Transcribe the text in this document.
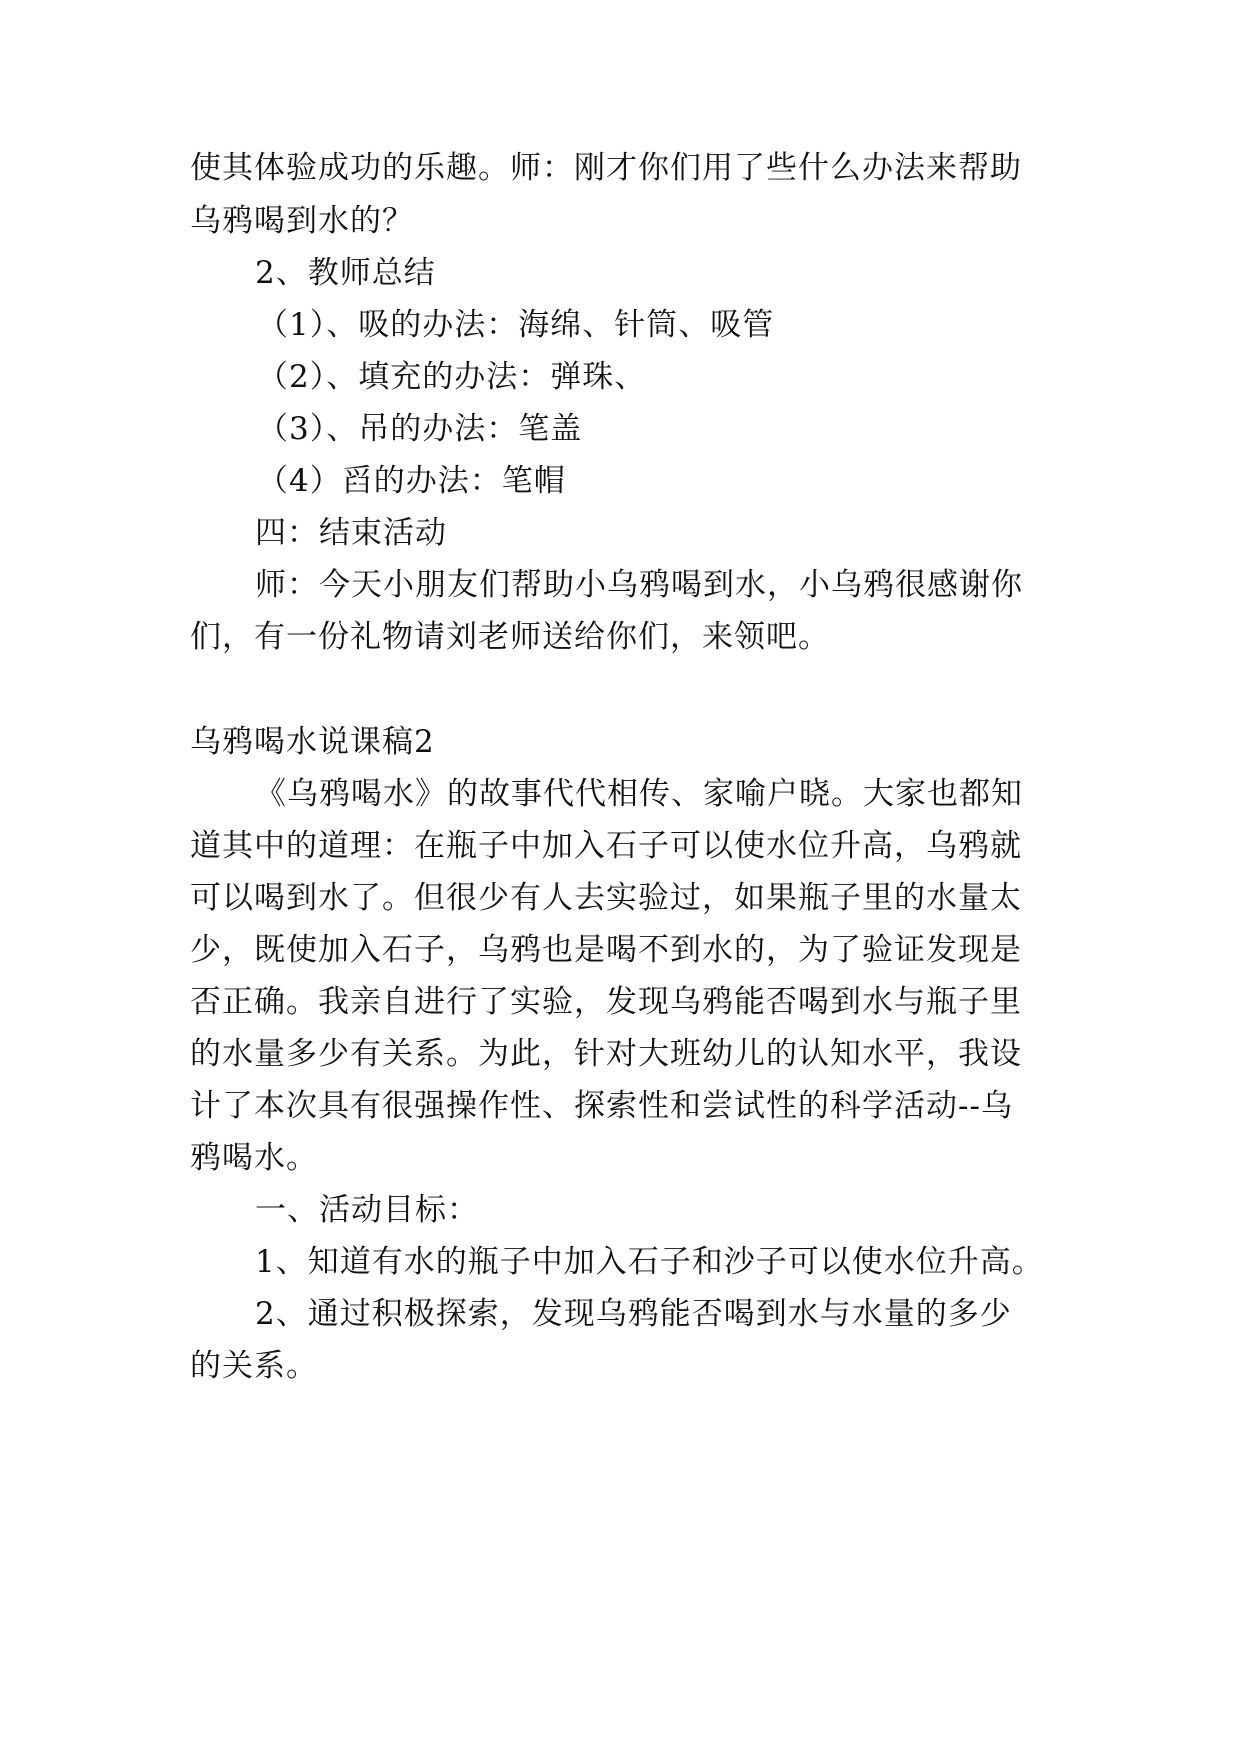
使其体验成功的乐趣。师：刚才你们用了些什么办法来帮助
乌鸦喝到水的？
2、教师总结
（1）、吸的办法：海绵、针筒、吸管
（2）、填充的办法：弹珠、
（3）、吊的办法：笔盖
（4）舀的办法：笔帽
四：结束活动
师：今天小朋友们帮助小乌鸦喝到水，小乌鸦很感谢你
们，有一份礼物请刘老师送给你们，来领吧。
乌鸦喝水说课稿2
《乌鸦喝水》的故事代代相传、家喻户晓。大家也都知
道其中的道理：在瓶子中加入石子可以使水位升高，乌鸦就
可以喝到水了。但很少有人去实验过，如果瓶子里的水量太
少，既使加入石子，乌鸦也是喝不到水的，为了验证发现是
否正确。我亲自进行了实验，发现乌鸦能否喝到水与瓶子里
的水量多少有关系。为此，针对大班幼儿的认知水平，我设
计了本次具有很强操作性、探索性和尝试性的科学活动--乌
鸦喝水。
一、活动目标：
1、知道有水的瓶子中加入石子和沙子可以使水位升高。
2、通过积极探索，发现乌鸦能否喝到水与水量的多少
的关系。
